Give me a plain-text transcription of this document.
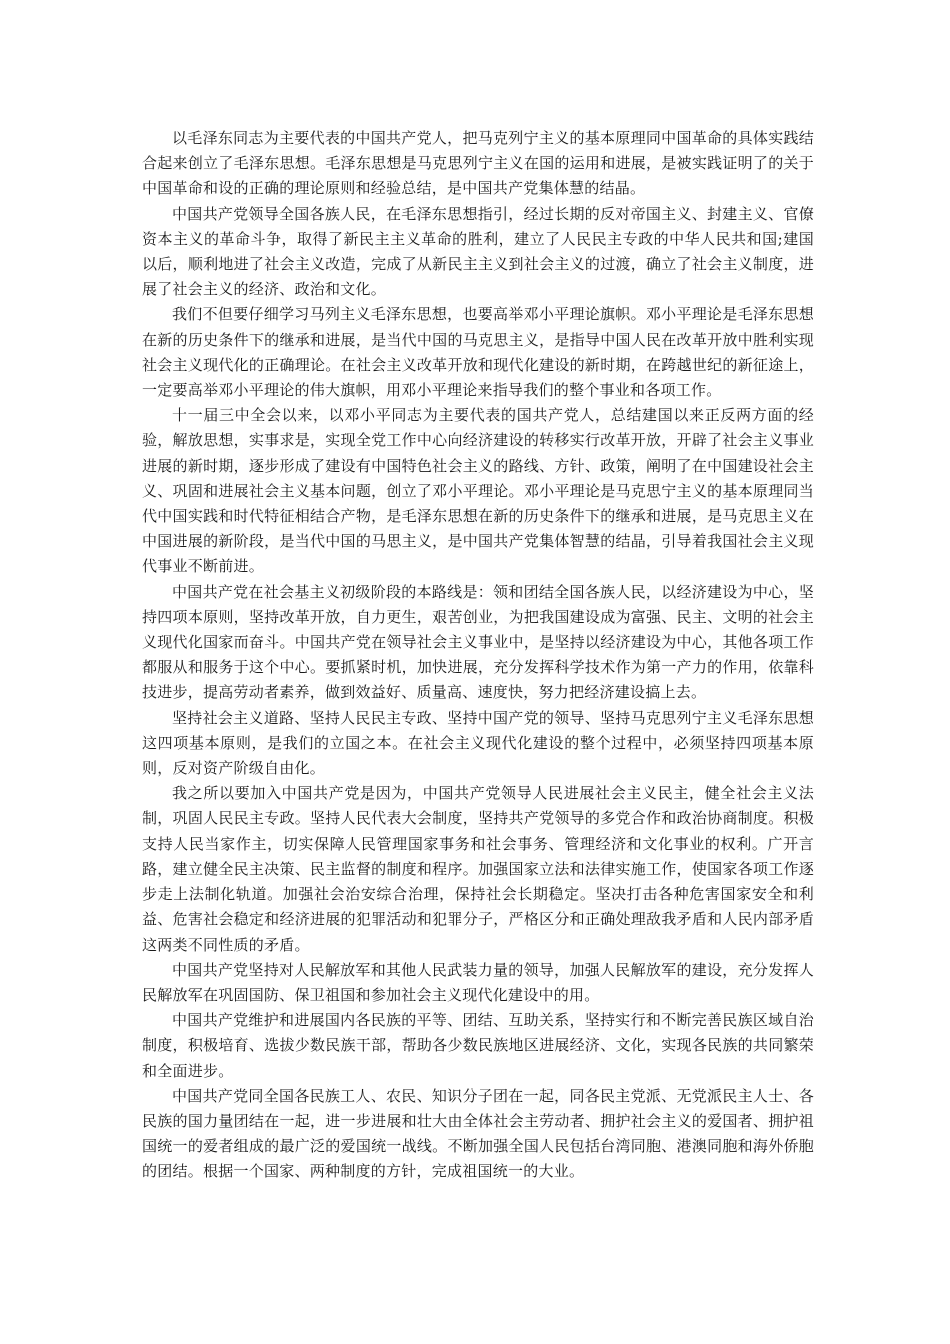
以毛泽东同志为主要代表的中国共产党人，把马克列宁主义的基本原理同中国革命的具体实践结合起来创立了毛泽东思想。毛泽东思想是马克思列宁主义在国的运用和进展，是被实践证明了的关于中国革命和设的正确的理论原则和经验总结，是中国共产党集体慧的结晶。

中国共产党领导全国各族人民，在毛泽东思想指引，经过长期的反对帝国主义、封建主义、官僚资本主义的革命斗争，取得了新民主主义革命的胜利，建立了人民民主专政的中华人民共和国;建国以后，顺利地进了社会主义改造，完成了从新民主主义到社会主义的过渡，确立了社会主义制度，进展了社会主义的经济、政治和文化。

我们不但要仔细学习马列主义毛泽东思想，也要高举邓小平理论旗帜。邓小平理论是毛泽东思想在新的历史条件下的继承和进展，是当代中国的马克思主义，是指导中国人民在改革开放中胜利实现社会主义现代化的正确理论。在社会主义改革开放和现代化建设的新时期，在跨越世纪的新征途上，一定要高举邓小平理论的伟大旗帜，用邓小平理论来指导我们的整个事业和各项工作。

十一届三中全会以来，以邓小平同志为主要代表的国共产党人，总结建国以来正反两方面的经验，解放思想，实事求是，实现全党工作中心向经济建设的转移实行改革开放，开辟了社会主义事业进展的新时期，逐步形成了建设有中国特色社会主义的路线、方针、政策，阐明了在中国建设社会主义、巩固和进展社会主义基本问题，创立了邓小平理论。邓小平理论是马克思宁主义的基本原理同当代中国实践和时代特征相结合产物，是毛泽东思想在新的历史条件下的继承和进展，是马克思主义在中国进展的新阶段，是当代中国的马思主义，是中国共产党集体智慧的结晶，引导着我国社会主义现代事业不断前进。

中国共产党在社会基主义初级阶段的本路线是：领和团结全国各族人民，以经济建设为中心，坚持四项本原则，坚持改革开放，自力更生，艰苦创业，为把我国建设成为富强、民主、文明的社会主义现代化国家而奋斗。中国共产党在领导社会主义事业中，是坚持以经济建设为中心，其他各项工作都服从和服务于这个中心。要抓紧时机，加快进展，充分发挥科学技术作为第一产力的作用，依靠科技进步，提高劳动者素养，做到效益好、质量高、速度快，努力把经济建设搞上去。

坚持社会主义道路、坚持人民民主专政、坚持中国产党的领导、坚持马克思列宁主义毛泽东思想这四项基本原则，是我们的立国之本。在社会主义现代化建设的整个过程中，必须坚持四项基本原则，反对资产阶级自由化。

我之所以要加入中国共产党是因为，中国共产党领导人民进展社会主义民主，健全社会主义法制，巩固人民民主专政。坚持人民代表大会制度，坚持共产党领导的多党合作和政治协商制度。积极支持人民当家作主，切实保障人民管理国家事务和社会事务、管理经济和文化事业的权利。广开言路，建立健全民主决策、民主监督的制度和程序。加强国家立法和法律实施工作，使国家各项工作逐步走上法制化轨道。加强社会治安综合治理，保持社会长期稳定。坚决打击各种危害国家安全和利益、危害社会稳定和经济进展的犯罪活动和犯罪分子，严格区分和正确处理敌我矛盾和人民内部矛盾这两类不同性质的矛盾。

中国共产党坚持对人民解放军和其他人民武装力量的领导，加强人民解放军的建设，充分发挥人民解放军在巩固国防、保卫祖国和参加社会主义现代化建设中的用。

中国共产党维护和进展国内各民族的平等、团结、互助关系，坚持实行和不断完善民族区域自治制度，积极培育、选拔少数民族干部，帮助各少数民族地区进展经济、文化，实现各民族的共同繁荣和全面进步。

中国共产党同全国各民族工人、农民、知识分子团在一起，同各民主党派、无党派民主人士、各民族的国力量团结在一起，进一步进展和壮大由全体社会主劳动者、拥护社会主义的爱国者、拥护祖国统一的爱者组成的最广泛的爱国统一战线。不断加强全国人民包括台湾同胞、港澳同胞和海外侨胞的团结。根据一个国家、两种制度的方针，完成祖国统一的大业。
